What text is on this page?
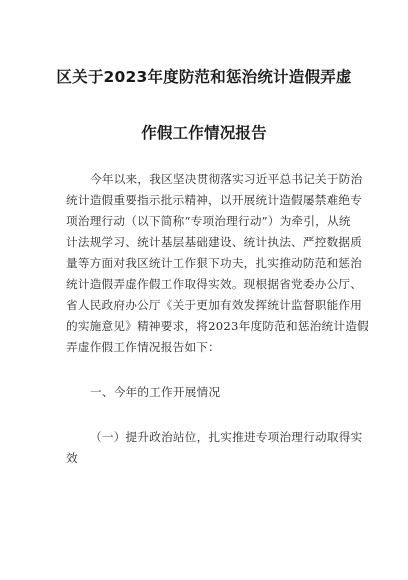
区关于2023年度防范和惩治统计造假弄虚
作假工作情况报告

今年以来，我区坚决贯彻落实习近平总书记关于防治

统计造假重要指示批示精神，以开展统计造假屡禁难绝专

项治理行动（以下简称“专项治理行动”）为牵引，从统

计法规学习、统计基层基础建设、统计执法、严控数据质

量等方面对我区统计工作狠下功夫，扎实推动防范和惩治

统计造假弄虚作假工作取得实效。现根据省党委办公厅、

省人民政府办公厅《关于更加有效发挥统计监督职能作用

的实施意见》精神要求，将2023年度防范和惩治统计造假

弄虚作假工作情况报告如下：

一、今年的工作开展情况

（一）提升政治站位，扎实推进专项治理行动取得实

效
